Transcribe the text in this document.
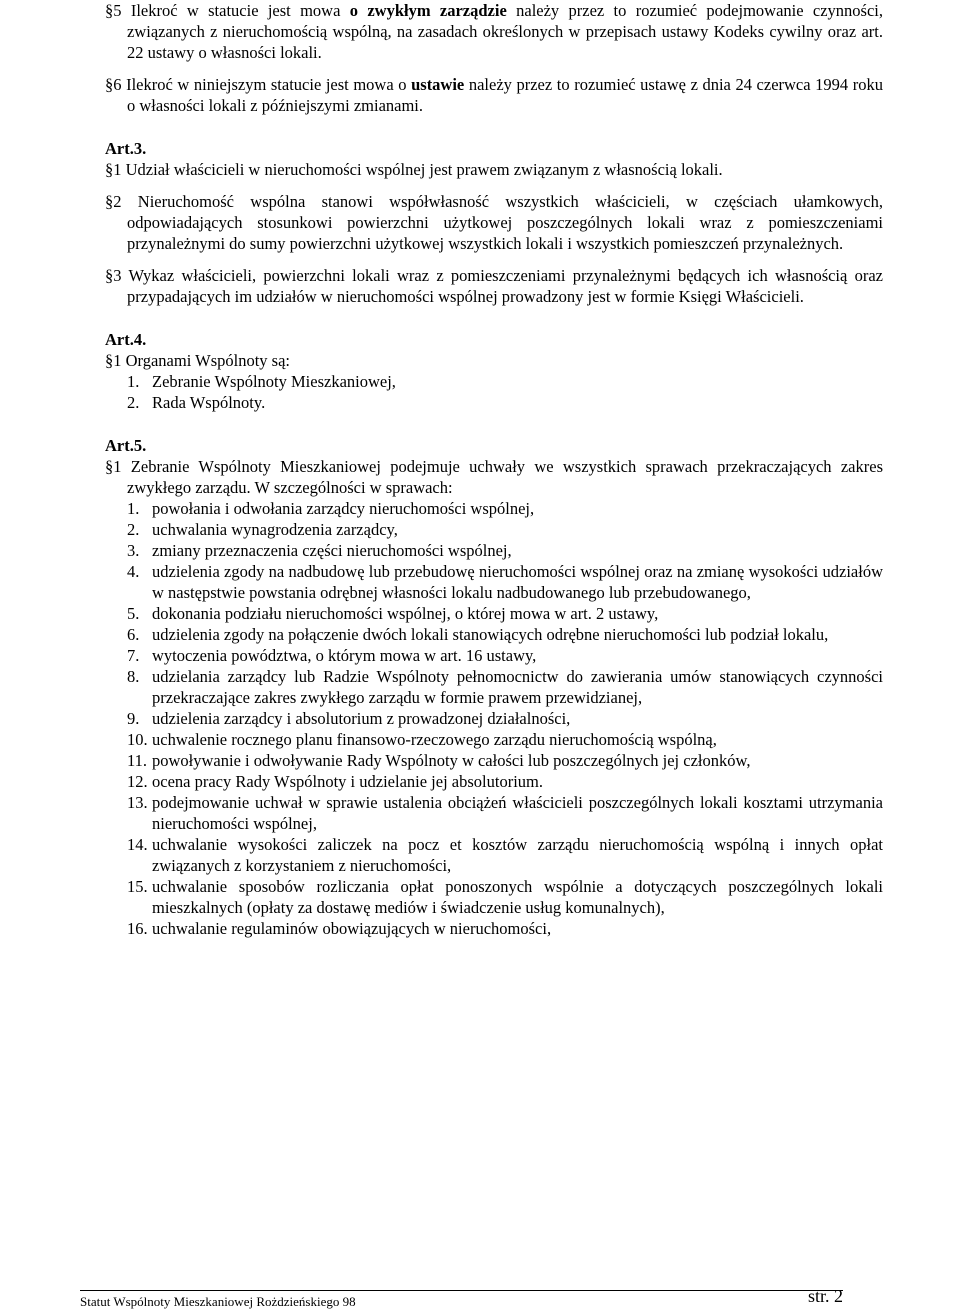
§5 Ilekroć w statucie jest mowa o zwykłym zarządzie należy przez to rozumieć podejmowanie czynności, związanych z nieruchomością wspólną, na zasadach określonych w przepisach ustawy Kodeks cywilny oraz art. 22 ustawy o własności lokali.

§6 Ilekroć w niniejszym statucie jest mowa o ustawie należy przez to rozumieć ustawę z dnia 24 czerwca 1994 roku o własności lokali z późniejszymi zmianami.

Art.3.

§1 Udział właścicieli w nieruchomości wspólnej jest prawem związanym z własnością lokali.

§2 Nieruchomość wspólna stanowi współwłasność wszystkich właścicieli, w częściach ułamkowych, odpowiadających stosunkowi powierzchni użytkowej poszczególnych lokali wraz z pomieszczeniami przynależnymi do sumy powierzchni użytkowej wszystkich lokali i wszystkich pomieszczeń przynależnych.

§3 Wykaz właścicieli, powierzchni lokali wraz z pomieszczeniami przynależnymi będących ich własnością oraz przypadających im udziałów w nieruchomości wspólnej prowadzony jest w formie Księgi Właścicieli.

Art.4.

§1 Organami Wspólnoty są:

1. Zebranie Wspólnoty Mieszkaniowej,
2. Rada Wspólnoty.

Art.5.

§1 Zebranie Wspólnoty Mieszkaniowej podejmuje uchwały we wszystkich sprawach przekraczających zakres zwykłego zarządu. W szczególności w sprawach:

1. powołania i odwołania zarządcy nieruchomości wspólnej,
2. uchwalania wynagrodzenia zarządcy,
3. zmiany przeznaczenia części nieruchomości wspólnej,
4. udzielenia zgody na nadbudowę lub przebudowę nieruchomości wspólnej oraz na zmianę wysokości udziałów w następstwie powstania odrębnej własności lokalu nadbudowanego lub przebudowanego,
5. dokonania podziału nieruchomości wspólnej, o której mowa w art. 2 ustawy,
6. udzielenia zgody na połączenie dwóch lokali stanowiących odrębne nieruchomości lub podział lokalu,
7. wytoczenia powództwa, o którym mowa w art. 16 ustawy,
8. udzielania zarządcy lub Radzie Wspólnoty pełnomocnictw do zawierania umów stanowiących czynności przekraczające zakres zwykłego zarządu w formie prawem przewidzianej,
9. udzielenia zarządcy i absolutorium z prowadzonej działalności,
10. uchwalenie rocznego planu finansowo-rzeczowego zarządu nieruchomością wspólną,
11. powoływanie i odwoływanie Rady Wspólnoty w całości lub poszczególnych jej członków,
12. ocena pracy Rady Wspólnoty i udzielanie jej absolutorium.
13. podejmowanie uchwał w sprawie ustalenia obciążeń właścicieli poszczególnych lokali kosztami utrzymania nieruchomości wspólnej,
14. uchwalanie wysokości zaliczek na pocz et kosztów zarządu nieruchomością wspólną i innych opłat związanych z korzystaniem z nieruchomości,
15. uchwalanie sposobów rozliczania opłat ponoszonych wspólnie a dotyczących poszczególnych lokali mieszkalnych (opłaty za dostawę mediów i świadczenie usług komunalnych),
16. uchwalanie regulaminów obowiązujących w nieruchomości,
Statut Wspólnoty Mieszkaniowej Rożdzieńskiego 98	str. 2
